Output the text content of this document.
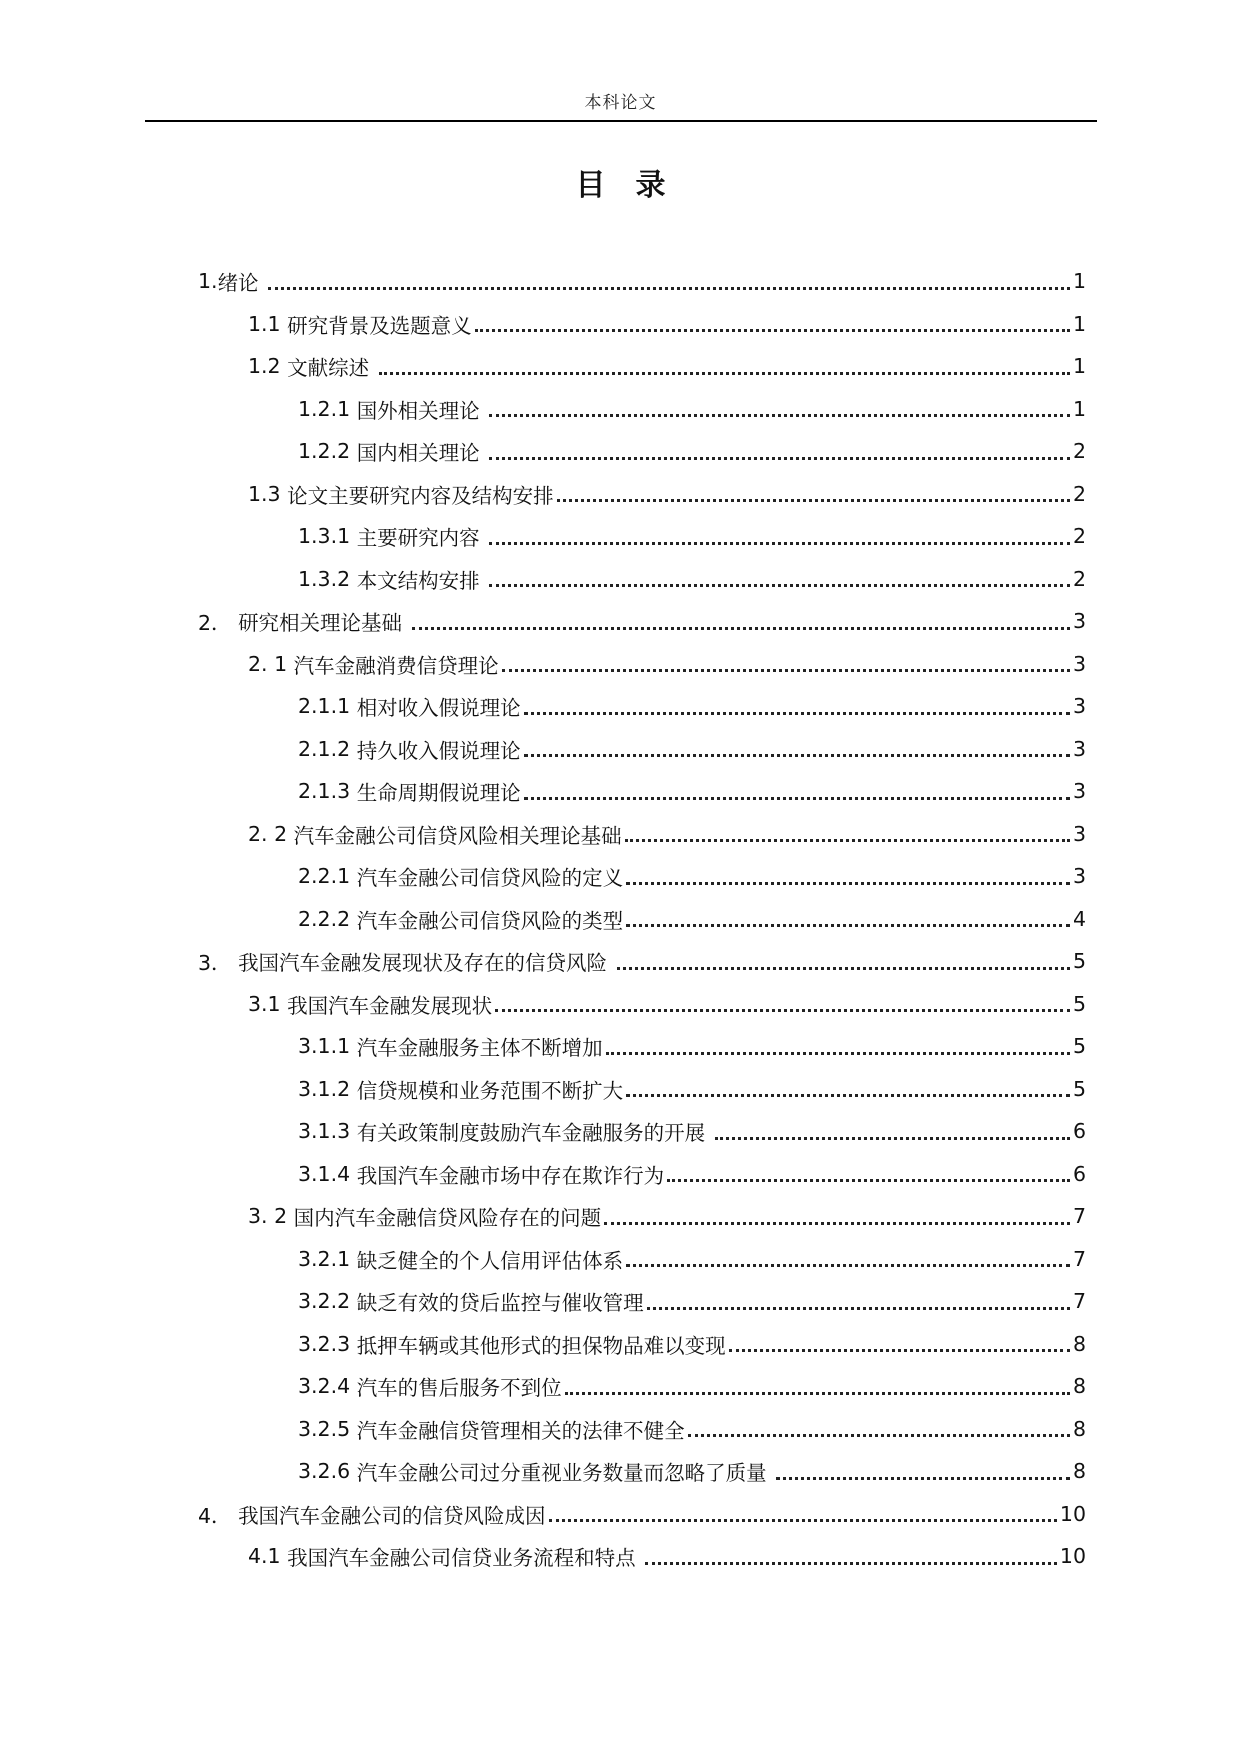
本科论文
目录
1. 绪论	1
1.1 研究背景及选题意义	1
1.2 文献综述	1
1.2.1 国外相关理论	1
1.2.2 国内相关理论	2
1.3 论文主要研究内容及结构安排	2
1.3.1 主要研究内容	2
1.3.2 本文结构安排	2
2． 研究相关理论基础	3
2. 1 汽车金融消费信贷理论	3
2.1.1 相对收入假说理论	3
2.1.2 持久收入假说理论	3
2.1.3 生命周期假说理论	3
2. 2 汽车金融公司信贷风险相关理论基础	3
2.2.1 汽车金融公司信贷风险的定义	3
2.2.2 汽车金融公司信贷风险的类型	4
3． 我国汽车金融发展现状及存在的信贷风险	5
3.1 我国汽车金融发展现状	5
3.1.1 汽车金融服务主体不断增加	5
3.1.2 信贷规模和业务范围不断扩大	5
3.1.3 有关政策制度鼓励汽车金融服务的开展	6
3.1.4 我国汽车金融市场中存在欺诈行为	6
3. 2 国内汽车金融信贷风险存在的问题	7
3.2.1 缺乏健全的个人信用评估体系	7
3.2.2 缺乏有效的贷后监控与催收管理	7
3.2.3 抵押车辆或其他形式的担保物品难以变现	8
3.2.4 汽车的售后服务不到位	8
3.2.5 汽车金融信贷管理相关的法律不健全	8
3.2.6 汽车金融公司过分重视业务数量而忽略了质量	8
4． 我国汽车金融公司的信贷风险成因	10
4.1 我国汽车金融公司信贷业务流程和特点	10
